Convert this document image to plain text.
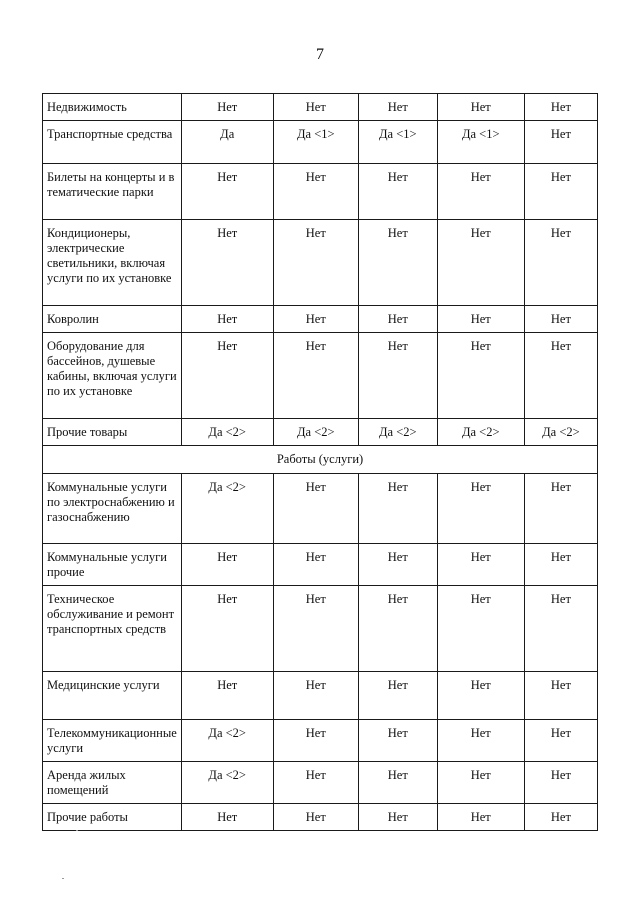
7
Недвижимость	Нет	Нет	Нет	Нет	Нет
Транспортные средства	Да	Да <1>	Да <1>	Да <1>	Нет
Билеты на концерты и в тематические парки	Нет	Нет	Нет	Нет	Нет
Кондиционеры, электрические светильники, включая услуги по их установке	Нет	Нет	Нет	Нет	Нет
Ковролин	Нет	Нет	Нет	Нет	Нет
Оборудование для бассейнов, душевые кабины, включая услуги по их установке	Нет	Нет	Нет	Нет	Нет
Прочие товары	Да <2>	Да <2>	Да <2>	Да <2>	Да <2>
Работы (услуги)					
Коммунальные услуги по электроснабжению и газоснабжению	Да <2>	Нет	Нет	Нет	Нет
Коммунальные услуги прочие	Нет	Нет	Нет	Нет	Нет
Техническое обслуживание и ремонт транспортных средств	Нет	Нет	Нет	Нет	Нет
Медицинские услуги	Нет	Нет	Нет	Нет	Нет
Телекоммуникационные услуги	Да <2>	Нет	Нет	Нет	Нет
Аренда жилых помещений	Да <2>	Нет	Нет	Нет	Нет
Прочие работы	Нет	Нет	Нет	Нет	Нет
